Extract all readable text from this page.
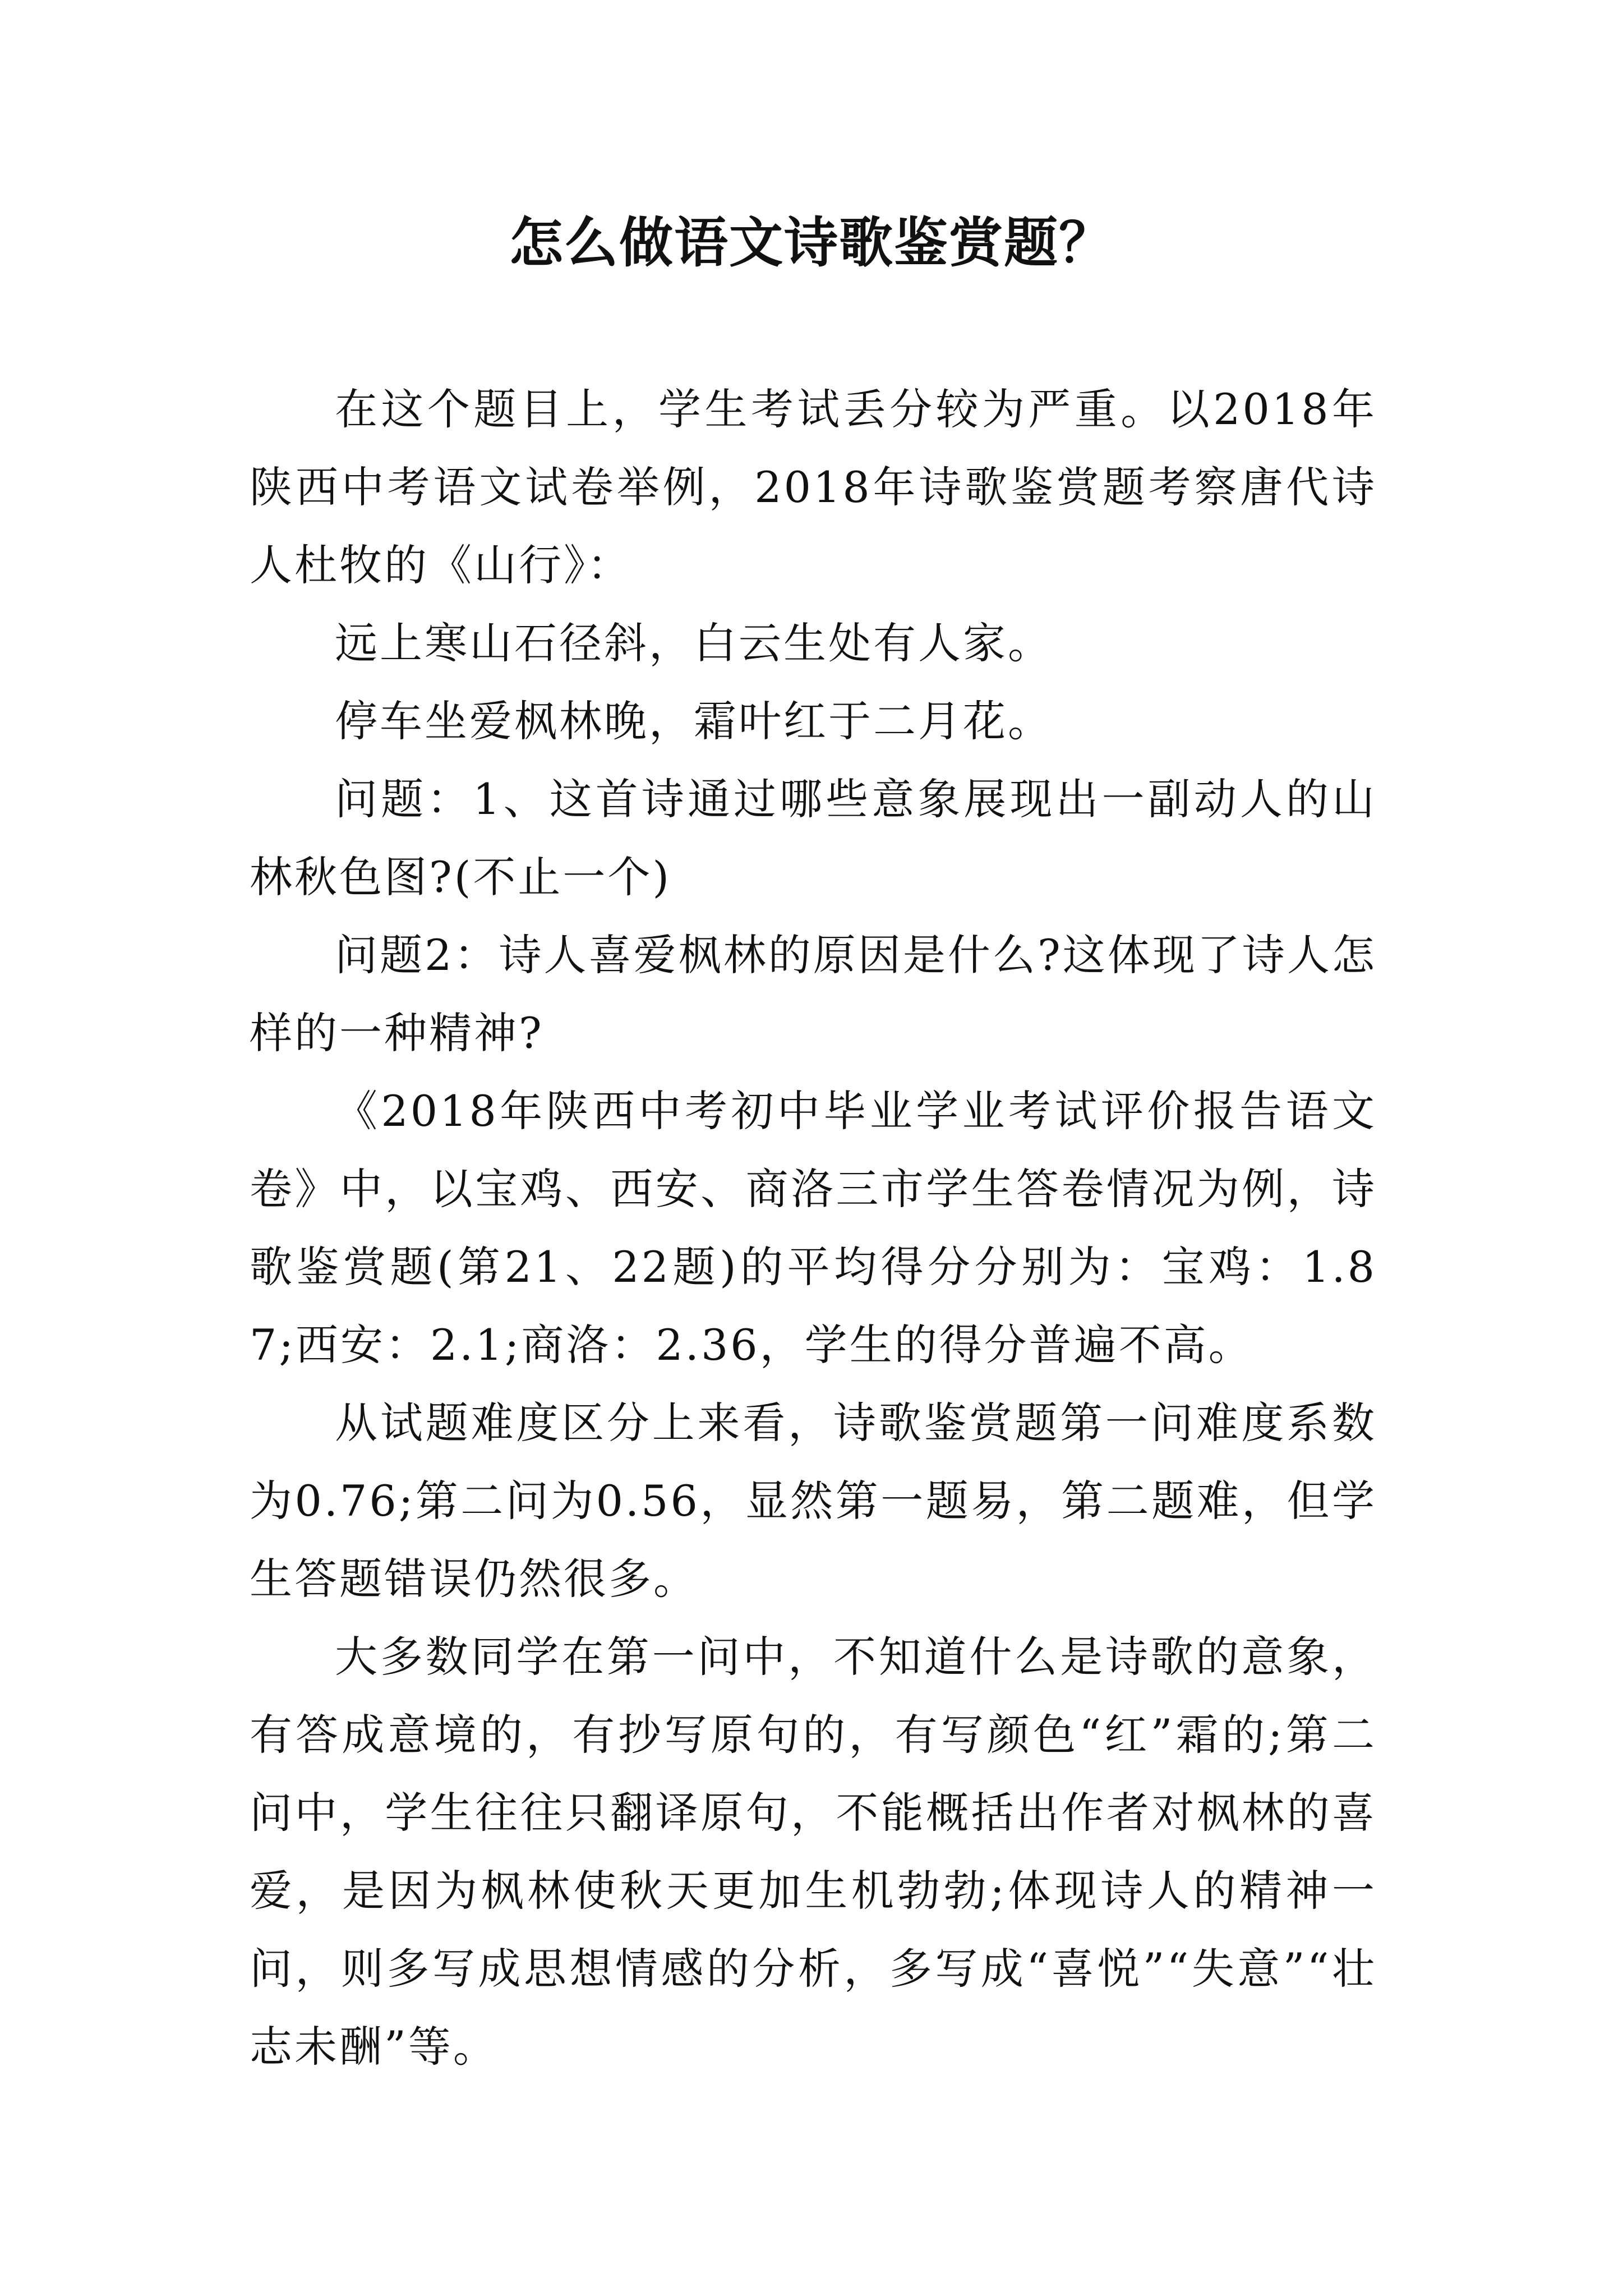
怎么做语文诗歌鉴赏题？

在这个题目上，学生考试丢分较为严重。以2018年陕西中考语文试卷举例，2018年诗歌鉴赏题考察唐代诗人杜牧的《山行》：

远上寒山石径斜，白云生处有人家。

停车坐爱枫林晚，霜叶红于二月花。

问题：1、这首诗通过哪些意象展现出一副动人的山林秋色图?(不止一个)

问题2：诗人喜爱枫林的原因是什么?这体现了诗人怎样的一种精神?

《2018年陕西中考初中毕业学业考试评价报告语文卷》中，以宝鸡、西安、商洛三市学生答卷情况为例，诗歌鉴赏题(第21、22题)的平均得分分别为：宝鸡：1.87;西安：2.1;商洛：2.36，学生的得分普遍不高。

从试题难度区分上来看，诗歌鉴赏题第一问难度系数为0.76;第二问为0.56，显然第一题易，第二题难，但学生答题错误仍然很多。

大多数同学在第一问中，不知道什么是诗歌的意象，有答成意境的，有抄写原句的，有写颜色“红”霜的;第二问中，学生往往只翻译原句，不能概括出作者对枫林的喜爱，是因为枫林使秋天更加生机勃勃;体现诗人的精神一问，则多写成思想情感的分析，多写成“喜悦”“失意”“壮志未酬”等。
